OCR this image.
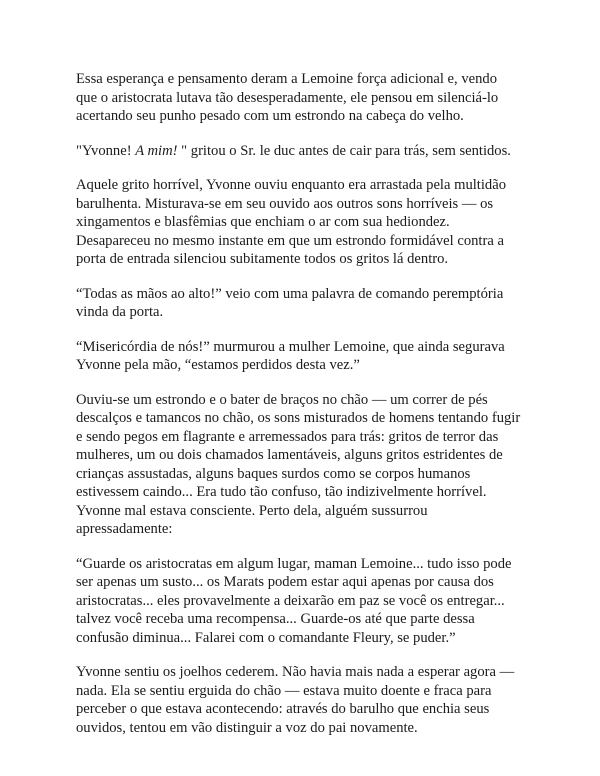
Essa esperança e pensamento deram a Lemoine força adicional e, vendo
que o aristocrata lutava tão desesperadamente, ele pensou em silenciá-lo
acertando seu punho pesado com um estrondo na cabeça do velho.

"Yvonne! A mim! " gritou o Sr. le duc antes de cair para trás, sem sentidos.

Aquele grito horrível, Yvonne ouviu enquanto era arrastada pela multidão
barulhenta. Misturava-se em seu ouvido aos outros sons horríveis — os
xingamentos e blasfêmias que enchiam o ar com sua hediondez.
Desapareceu no mesmo instante em que um estrondo formidável contra a
porta de entrada silenciou subitamente todos os gritos lá dentro.

“Todas as mãos ao alto!” veio com uma palavra de comando peremptória
vinda da porta.

“Misericórdia de nós!” murmurou a mulher Lemoine, que ainda segurava
Yvonne pela mão, “estamos perdidos desta vez.”

Ouviu-se um estrondo e o bater de braços no chão — um correr de pés
descalços e tamancos no chão, os sons misturados de homens tentando fugir
e sendo pegos em flagrante e arremessados para trás: gritos de terror das
mulheres, um ou dois chamados lamentáveis, alguns gritos estridentes de
crianças assustadas, alguns baques surdos como se corpos humanos
estivessem caindo... Era tudo tão confuso, tão indizivelmente horrível.
Yvonne mal estava consciente. Perto dela, alguém sussurrou
apressadamente:

“Guarde os aristocratas em algum lugar, maman Lemoine... tudo isso pode
ser apenas um susto... os Marats podem estar aqui apenas por causa dos
aristocratas... eles provavelmente a deixarão em paz se você os entregar...
talvez você receba uma recompensa... Guarde-os até que parte dessa
confusão diminua... Falarei com o comandante Fleury, se puder.”

Yvonne sentiu os joelhos cederem. Não havia mais nada a esperar agora —
nada. Ela se sentiu erguida do chão — estava muito doente e fraca para
perceber o que estava acontecendo: através do barulho que enchia seus
ouvidos, tentou em vão distinguir a voz do pai novamente.
